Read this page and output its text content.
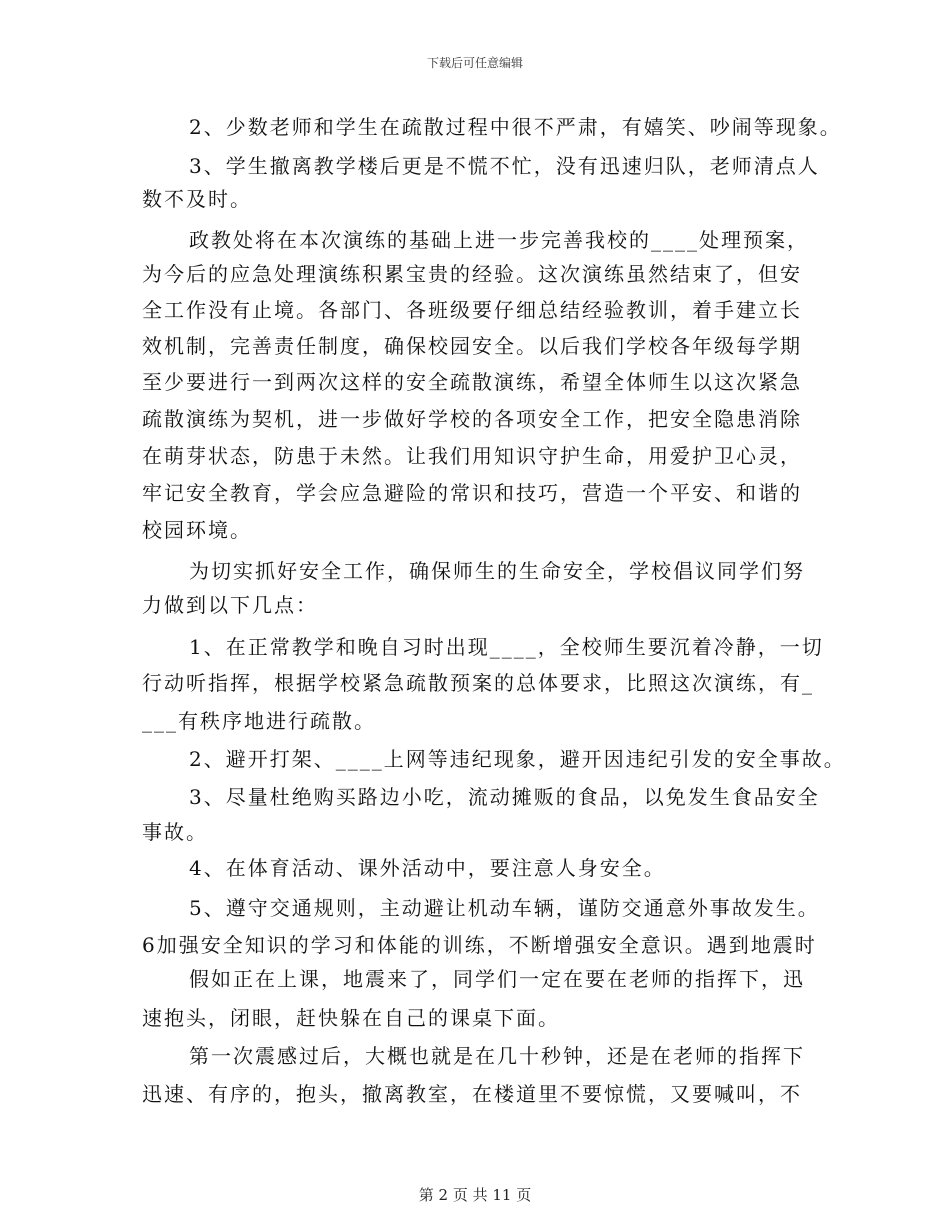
下载后可任意编辑
2、少数老师和学生在疏散过程中很不严肃，有嬉笑、吵闹等现象。
3、学生撤离教学楼后更是不慌不忙，没有迅速归队，老师清点人
数不及时。
政教处将在本次演练的基础上进一步完善我校的____处理预案，
为今后的应急处理演练积累宝贵的经验。这次演练虽然结束了，但安
全工作没有止境。各部门、各班级要仔细总结经验教训，着手建立长
效机制，完善责任制度，确保校园安全。以后我们学校各年级每学期
至少要进行一到两次这样的安全疏散演练，希望全体师生以这次紧急
疏散演练为契机，进一步做好学校的各项安全工作，把安全隐患消除
在萌芽状态，防患于未然。让我们用知识守护生命，用爱护卫心灵，
牢记安全教育，学会应急避险的常识和技巧，营造一个平安、和谐的
校园环境。
为切实抓好安全工作，确保师生的生命安全，学校倡议同学们努
力做到以下几点：
1、在正常教学和晚自习时出现____，全校师生要沉着冷静，一切
行动听指挥，根据学校紧急疏散预案的总体要求，比照这次演练，有_
___有秩序地进行疏散。
2、避开打架、____上网等违纪现象，避开因违纪引发的安全事故。
3、尽量杜绝购买路边小吃，流动摊贩的食品，以免发生食品安全
事故。
4、在体育活动、课外活动中，要注意人身安全。
5、遵守交通规则，主动避让机动车辆，谨防交通意外事故发生。
6加强安全知识的学习和体能的训练，不断增强安全意识。遇到地震时
假如正在上课，地震来了，同学们一定在要在老师的指挥下，迅
速抱头，闭眼，赶快躲在自己的课桌下面。
第一次震感过后，大概也就是在几十秒钟，还是在老师的指挥下
迅速、有序的，抱头，撤离教室，在楼道里不要惊慌，又要喊叫，不
第 2 页 共 11 页
